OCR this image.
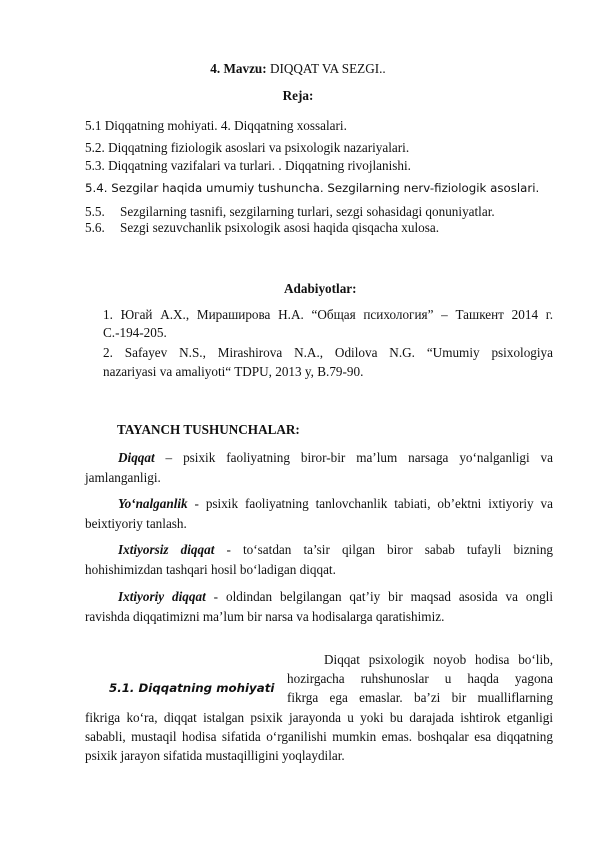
4. Mavzu: DIQQAT VA SEZGI..
Reja:
5.1 Diqqatning mohiyati. 4. Diqqatning xossalari.
5.2. Diqqatning fiziologik asoslari va psixologik nazariyalari.
5.3. Diqqatning vazifalari va turlari. . Diqqatning rivojlanishi.
5.4. Sezgilar haqida umumiy tushuncha. Sezgilarning nerv-fiziologik asoslari.
5.5. Sezgilarning tasnifi, sezgilarning turlari, sezgi sohasidagi qonuniyatlar.
5.6. Sezgi sezuvchanlik psixologik asosi haqida qisqacha xulosa.
Adabiyotlar:
1. Югай А.Х., Мираширова Н.А. “Общая психология” – Ташкент 2014 г.
С.-194-205.
2. Safayev N.S., Mirashirova N.A., Odilova N.G. “Umumiy psixologiya
nazariyasi va amaliyoti“ TDPU, 2013 y, B.79-90.
TAYANCH TUSHUNCHALAR:
Diqqat – psixik faoliyatning biror-bir ma’lum narsaga yo‘nalganligi va jamlanganligi.
Yo‘nalganlik - psixik faoliyatning tanlovchanlik tabiati, ob’ektni ixtiyoriy va beixtiyoriy tanlash.
Ixtiyorsiz diqqat - to‘satdan ta’sir qilgan biror sabab tufayli bizning hohishimizdan tashqari hosil bo‘ladigan diqqat.
Ixtiyoriy diqqat - oldindan belgilangan qat’iy bir maqsad asosida va ongli ravishda diqqatimizni ma’lum bir narsa va hodisalarga qaratishimiz.
5.1. Diqqatning mohiyati
Diqqat psixologik noyob hodisa bo‘lib,
hozirgacha ruhshunoslar u haqda yagona
fikrga ega emaslar. ba’zi bir mualliflarning
fikriga ko‘ra, diqqat istalgan psixik jarayonda u yoki bu darajada ishtirok etganligi sababli, mustaqil hodisa sifatida o‘rganilishi mumkin emas. boshqalar esa diqqatning psixik jarayon sifatida mustaqilligini yoqlaydilar.
